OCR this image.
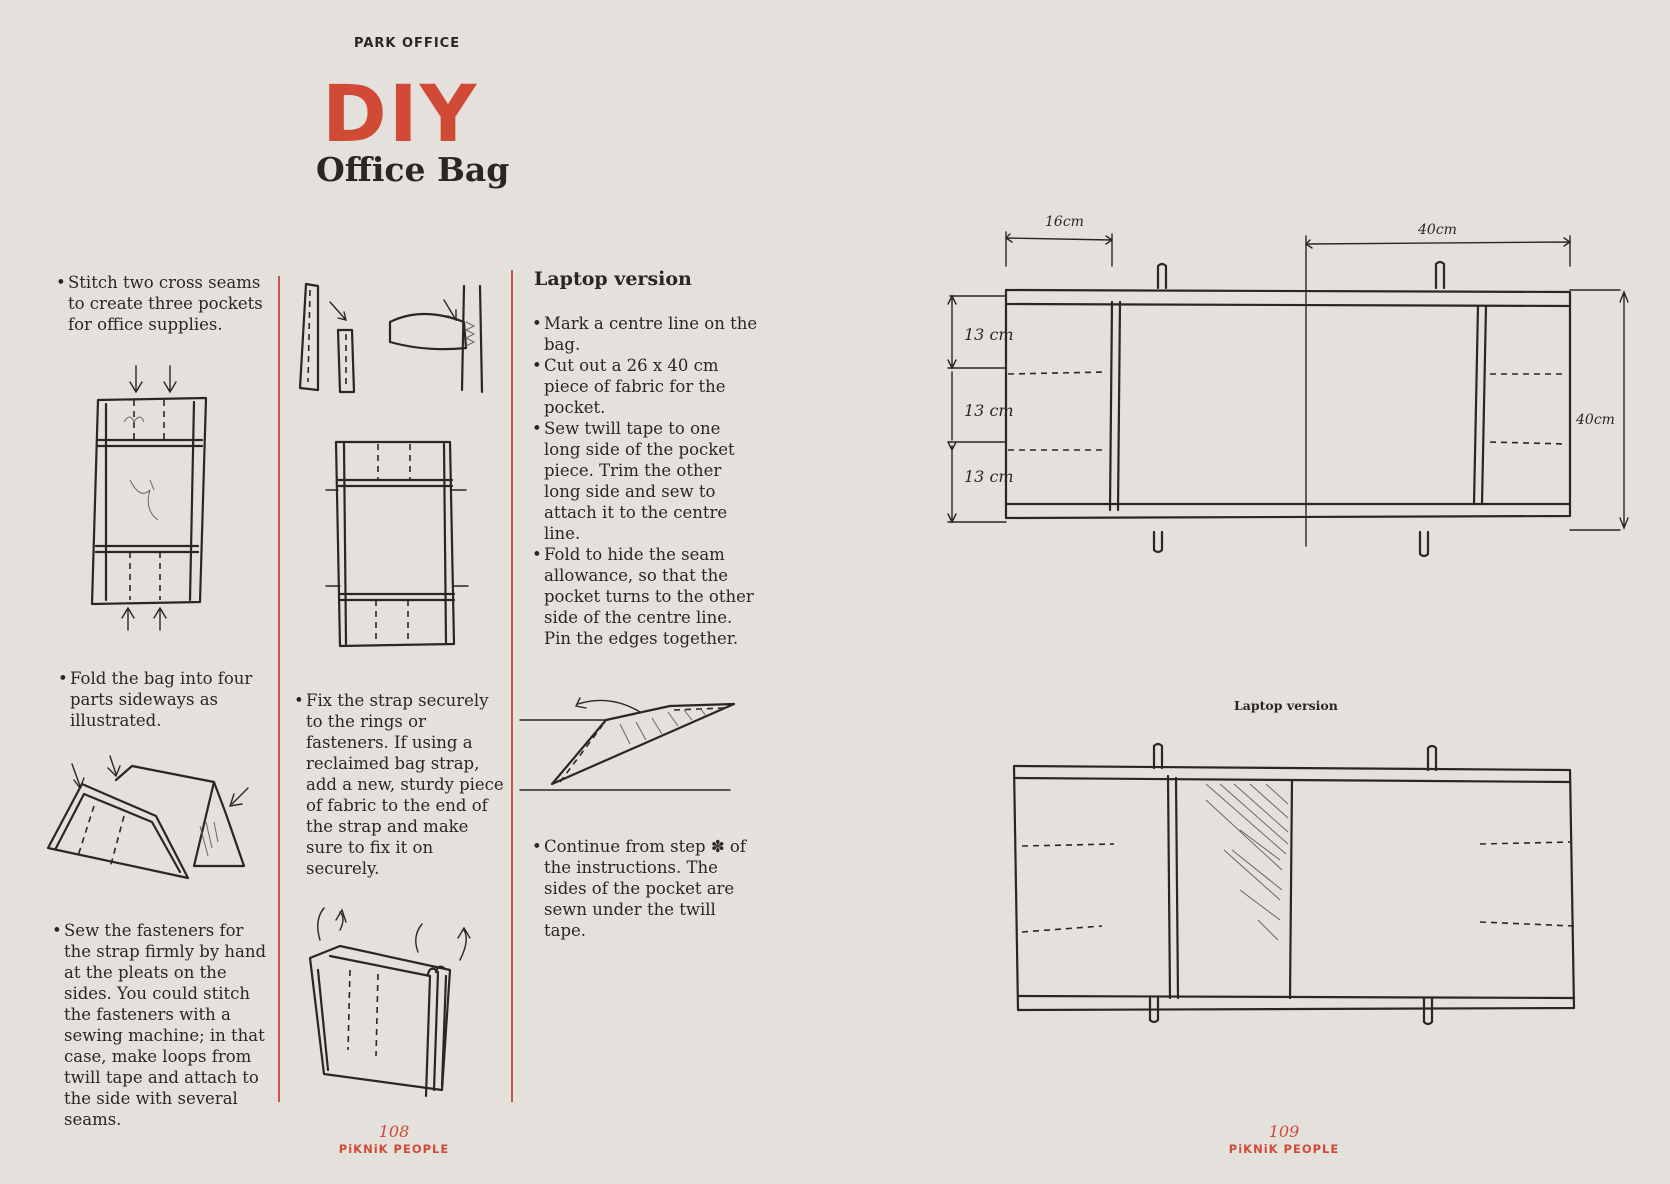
PARK OFFICE
DIY
Office Bag
• Stitch two cross seams to create three pockets for office supplies.
• Fold the bag into four parts sideways as illustrated.
• Sew the fasteners for the strap firmly by hand at the pleats on the sides. You could stitch the fasteners with a sewing machine; in that case, make loops from twill tape and attach to the side with several seams.
• Fix the strap securely to the rings or fasteners. If using a reclaimed bag strap, add a new, sturdy piece of fabric to the end of the strap and make sure to fix it on securely.
Laptop version
• Mark a centre line on the bag.
• Cut out a 26 x 40 cm piece of fabric for the pocket.
• Sew twill tape to one long side of the pocket piece. Trim the other long side and sew to attach it to the centre line.
• Fold to hide the seam allowance, so that the pocket turns to the other side of the centre line. Pin the edges together.
• Continue from step ✽ of the instructions. The sides of the pocket are sewn under the twill tape.
16cm	40cm
13 cm
13 cm
13 cm
40cm
Laptop version
108
PiKNiK PEOPLE
109
PiKNiK PEOPLE
